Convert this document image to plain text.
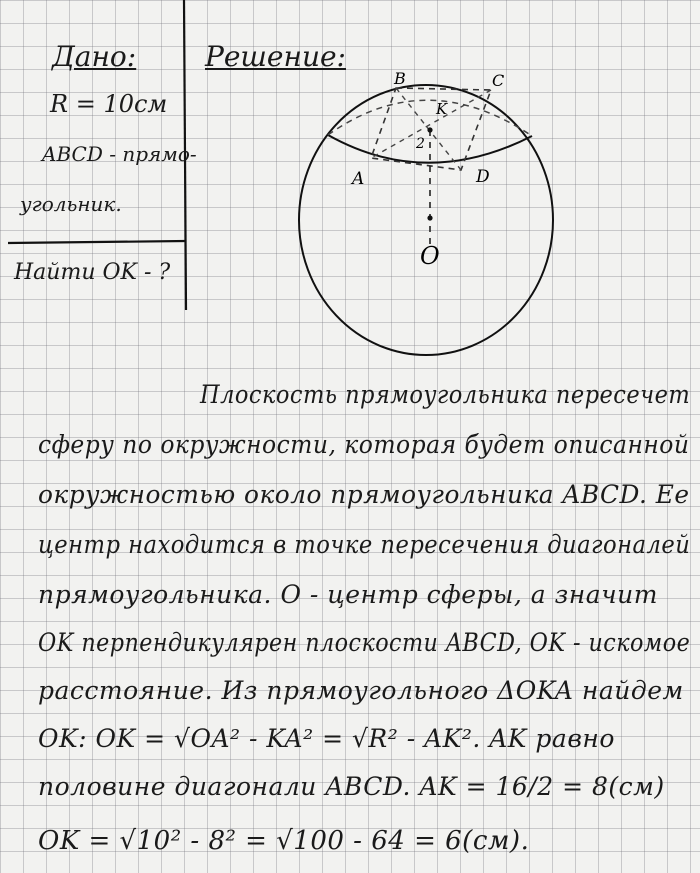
Дано:
R = 10см
ABCD - прямо-
угольник.
Найти OK - ?
Решение:
B	C
K
2
A	D
O
Плоскость прямоугольника пересечет
сферу по окружности, которая будет описанной
окружностью около прямоугольника ABCD. Ее
центр находится в точке пересечения диагоналей
прямоугольника. O - центр сферы, а значит
OK перпендикулярен плоскости ABCD, OK - искомое
расстояние. Из прямоугольного ΔOKA найдем
OK: OK = √OA² - KA² = √R² - AK². AK равно
половине диагонали ABCD. AK = 16/2 = 8(см)
OK = √10² - 8² = √100 - 64 = 6(см).
